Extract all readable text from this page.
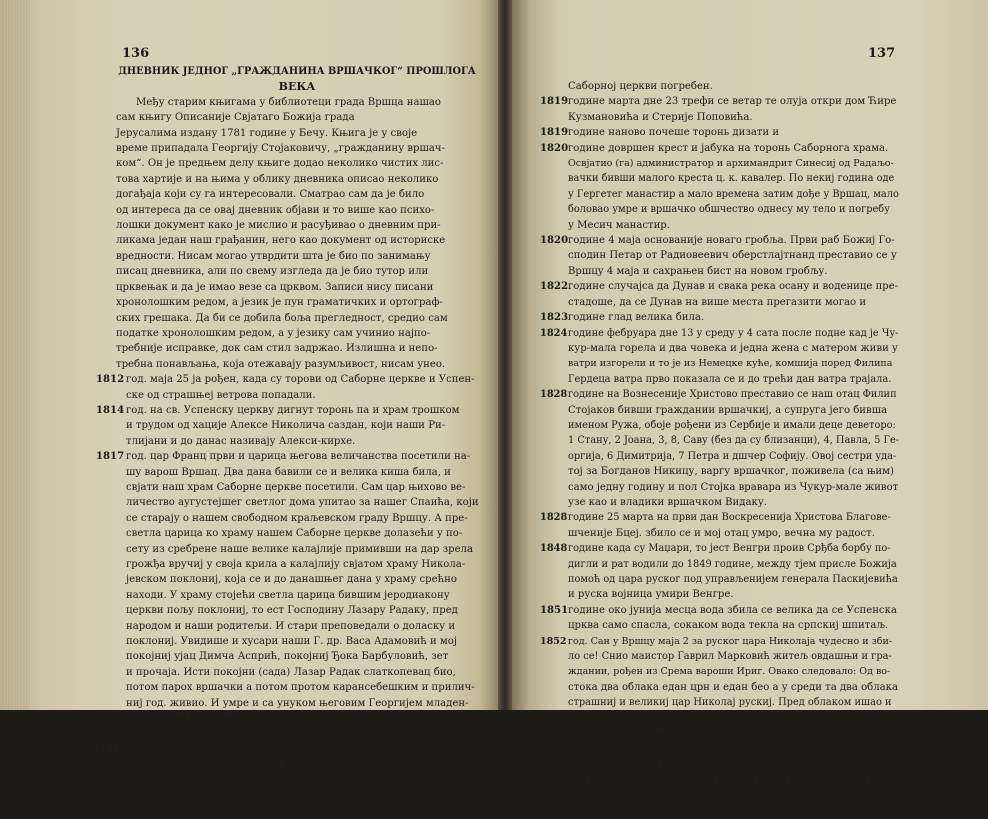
136
ДНЕВНИК ЈЕДНОГ „ГРАЖДАНИНА ВРШАЧКОГ“ ПРОШЛОГА
ВЕКА
Међу старим књигама у библиотеци града Вршца нашао
сам књигу Описаније Свјатаго Божија града
Јерусалима издану 1781 године у Бечу. Књига је у своје
време припадала Георгију Стојаковичу, „гражданину вршач-
ком“. Он је предњем делу књиге додао неколико чистих лис-
това хартије и на њима у облику дневника описао неколико
догађаја који су га интересовали. Сматрао сам да је било
од интереса да се овај дневник објави и то више као психо-
лошки документ како је мислио и расуђивао о дневним при-
ликама један наш грађанин, него као документ од историске
вредности. Нисам могао утврдити шта је био по занимању
писац дневника, али по свему изгледа да је био тутор или
црквењак и да је имао везе са црквом. Записи нису писани
хронолошким редом, а језик је пун граматичких и ортограф-
ских грешака. Да би се добила боља прегледност, средио сам
податке хронолошким редом, а у језику сам учинио најпо-
требније исправке, док сам стил задржао. Излишна и непо-
требна понављања, која отежавају разумљивост, нисам унео.
1812 год. маја 25 ја рођен, када су торови од Саборне церкве и Успен-
ске од страшњеј ветрова попадали.
1814 год. на св. Успенску церкву дигнут торонь па и храм трошком
и трудом од хације Алексе Николича саздан, који наши Ри-
тлијани и до данас називају Алекси-кирхе.
1817 год. цар Франц први и царица његова величанства посетили на-
шу варош Вршац. Два дана бавили се и велика киша била, и
свјати наш храм Саборне церкве посетили. Сам цар њихово ве-
личество аугустејшег светлог дома упитао за нашег Спаића, који
се старају о нашем свободном краљевском граду Вршцу. А пре-
светла царица ко храму нашем Саборне церкве долазећи у по-
сету из сребрене наше велике калајлије примивши на дар зрела
грожђа вручиј у своја крила а калајлију свјатом храму Никола-
јевском поклониј, која се и до данашњег дана у храму срећно
находи. У храму стојећи светла царица бившим јеродиакону
церкви пољу поклониј, то ест Господину Лазару Радаку, пред
народом и наши родитељи. И стари преповедали о доласку и
поклониј. Увидише и хусари наши Г. др. Васа Адамовић и мој
покојниј ујац Димча Аспрић, покојниј Ђока Барбуловић, зет
и прочаја. Исти покојни (сада) Лазар Радак слаткопевац био,
потом парох вршачки а потом протом карансебешким и прилич-
ниј год. живио. И умре и са унуком његовим Георгијем младен-
цем, сином Венијамина Радака бившег пароха вршачког в. п.
(вечна памјат) будиј.
1818 године месеца декембрија 9 дне преставио се епископ вршачки
Петар Видак. У понедељак у 2 сата у јутру осванупо мртав и у
137
Саборној церкви погребен.
1819 године марта дне 23 трефи се ветар те олуја откри дом Ћире
Кузмановића и Стерије Поповића.
1819 године наново почеше торонь дизати и
1820 године довршен крест и јабука на торонь Саборнога храма.
Освјатио (га) администратор и архимандрит Синесиј од Радаљо-
вачки бивши малого креста ц. к. кавалер. По некиј година оде
у Гергетег манастир а мало времена затим дође у Вршац, мало
боловао умре и вршачко обшчество однесу му тело и погребу
у Месич манастир.
1820 године 4 маја основаније новаго гробља. Први раб Божиј Го-
сподин Петар от Радиовеевич оберстлајтнанд преставио се у
Вршцу 4 маја и сахрањен бист на новом гробљу.
1822 године случајса да Дунав и свака река осану и воденице пре-
стадоше, да се Дунав на више места прегазити могао и
1823 године глад велика била.
1824 године фебруара дне 13 у среду у 4 сата после подне кад је Чу-
кур-мала горела и два човека и једна жена с матером живи у
ватри изгорели и то је из Немецке куће, комшија поред Филипа
Гердеца ватра прво показала се и до трећи дан ватра трајала.
1828 године на Вознесеније Христово преставио се наш отац Филип
Стојаков бивши граждании вршачкиј, а супруга јего бивша
именом Ружа, обоје рођени из Сербије и имали деце деветоро:
1 Стану, 2 Јоана, 3, 8, Саву (без да су близанци), 4, Павла, 5 Ге-
оргија, 6 Димитрија, 7 Петра и дшчер Софију. Овој сестри уда-
тој за Богданов Никицу, варгу вршачког, поживела (са њим)
само једну годину и пол Стојка вравара из Чукур-мале живот
узе као и владики вршачком Видаку.
1828 године 25 марта на први дан Воскресенија Христова Благове-
шченије Бцеј. збило се и мој отац умро, вечна му радост.
1848 године када су Маџари, то јест Венгри проив Срђба борбу по-
дигли и рат водили до 1849 године, между тјем присле Божија
помоћ од цара руског под управљенијем генерала Паскијевића
и руска војница умири Венгре.
1851 године око јунија месца вода збила се велика да се Успенска
црква само спасла, сокаком вода текла на српскиј шпитаљ.
1852 год. Сан у Вршцу маја 2 за руског цара Николаја чудесно и зби-
ло се! Снио маистор Гаврил Марковић житељ овдашњи и гра-
ждании, рођен из Срема вароши Ириг. Овако следовало: Од во-
стока два облака едан црн и едан бео а у среди та два облака
страшниј и великиј цар Николај рускиј. Пред облаком ишао и
летио напред, десна рука горе дигнута а лева спуштена доле на
сатице, то ест у ваздуху, и оде к западу.
Други сан за цара руског Николаја. Те исте године у очи нове
године. Облак црн и бео опет тако исто између четири стуба стајао
цар Никола. Тако су личила четири стуба као наш Божиј гроб
Саборне церкве вршачке. Стајао цар Никола с оделом светлим
царским своим као солдат и воиник право и руке доле држећи.
